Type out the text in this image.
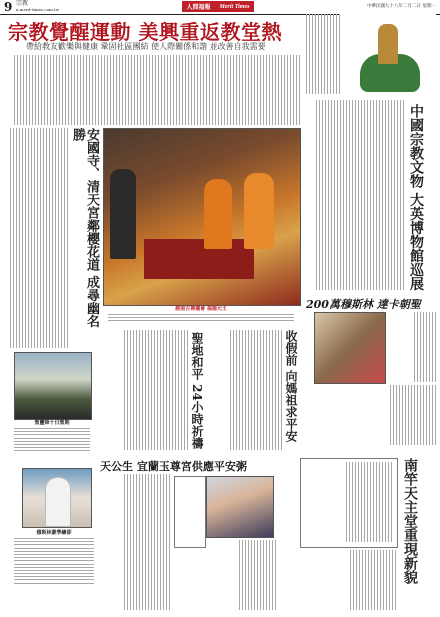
9 宗教
a.merit-times.com.tw	人間福報 Merit Times	中華民國九十八年二月二日 星期一
宗教覺醒運動 美興重返教堂熱
帶給教友歡樂與健康 鞏固社區團結 使人際關係和諧 並改善自我需要
安國寺、清天宮鄰櫻花道 成尋幽名勝
越南古禪儀會 福德元王
中國宗教文物 大英博物館巡展
200萬穆斯林 達卡朝聖
聖靈降十日聖期
穆斯林蒙學繪卻
聖地和平 24小時祈禱	收假前 向媽祖求平安
天公生 宜蘭玉尊宮供應平安粥	南竿天主堂重現新貌
